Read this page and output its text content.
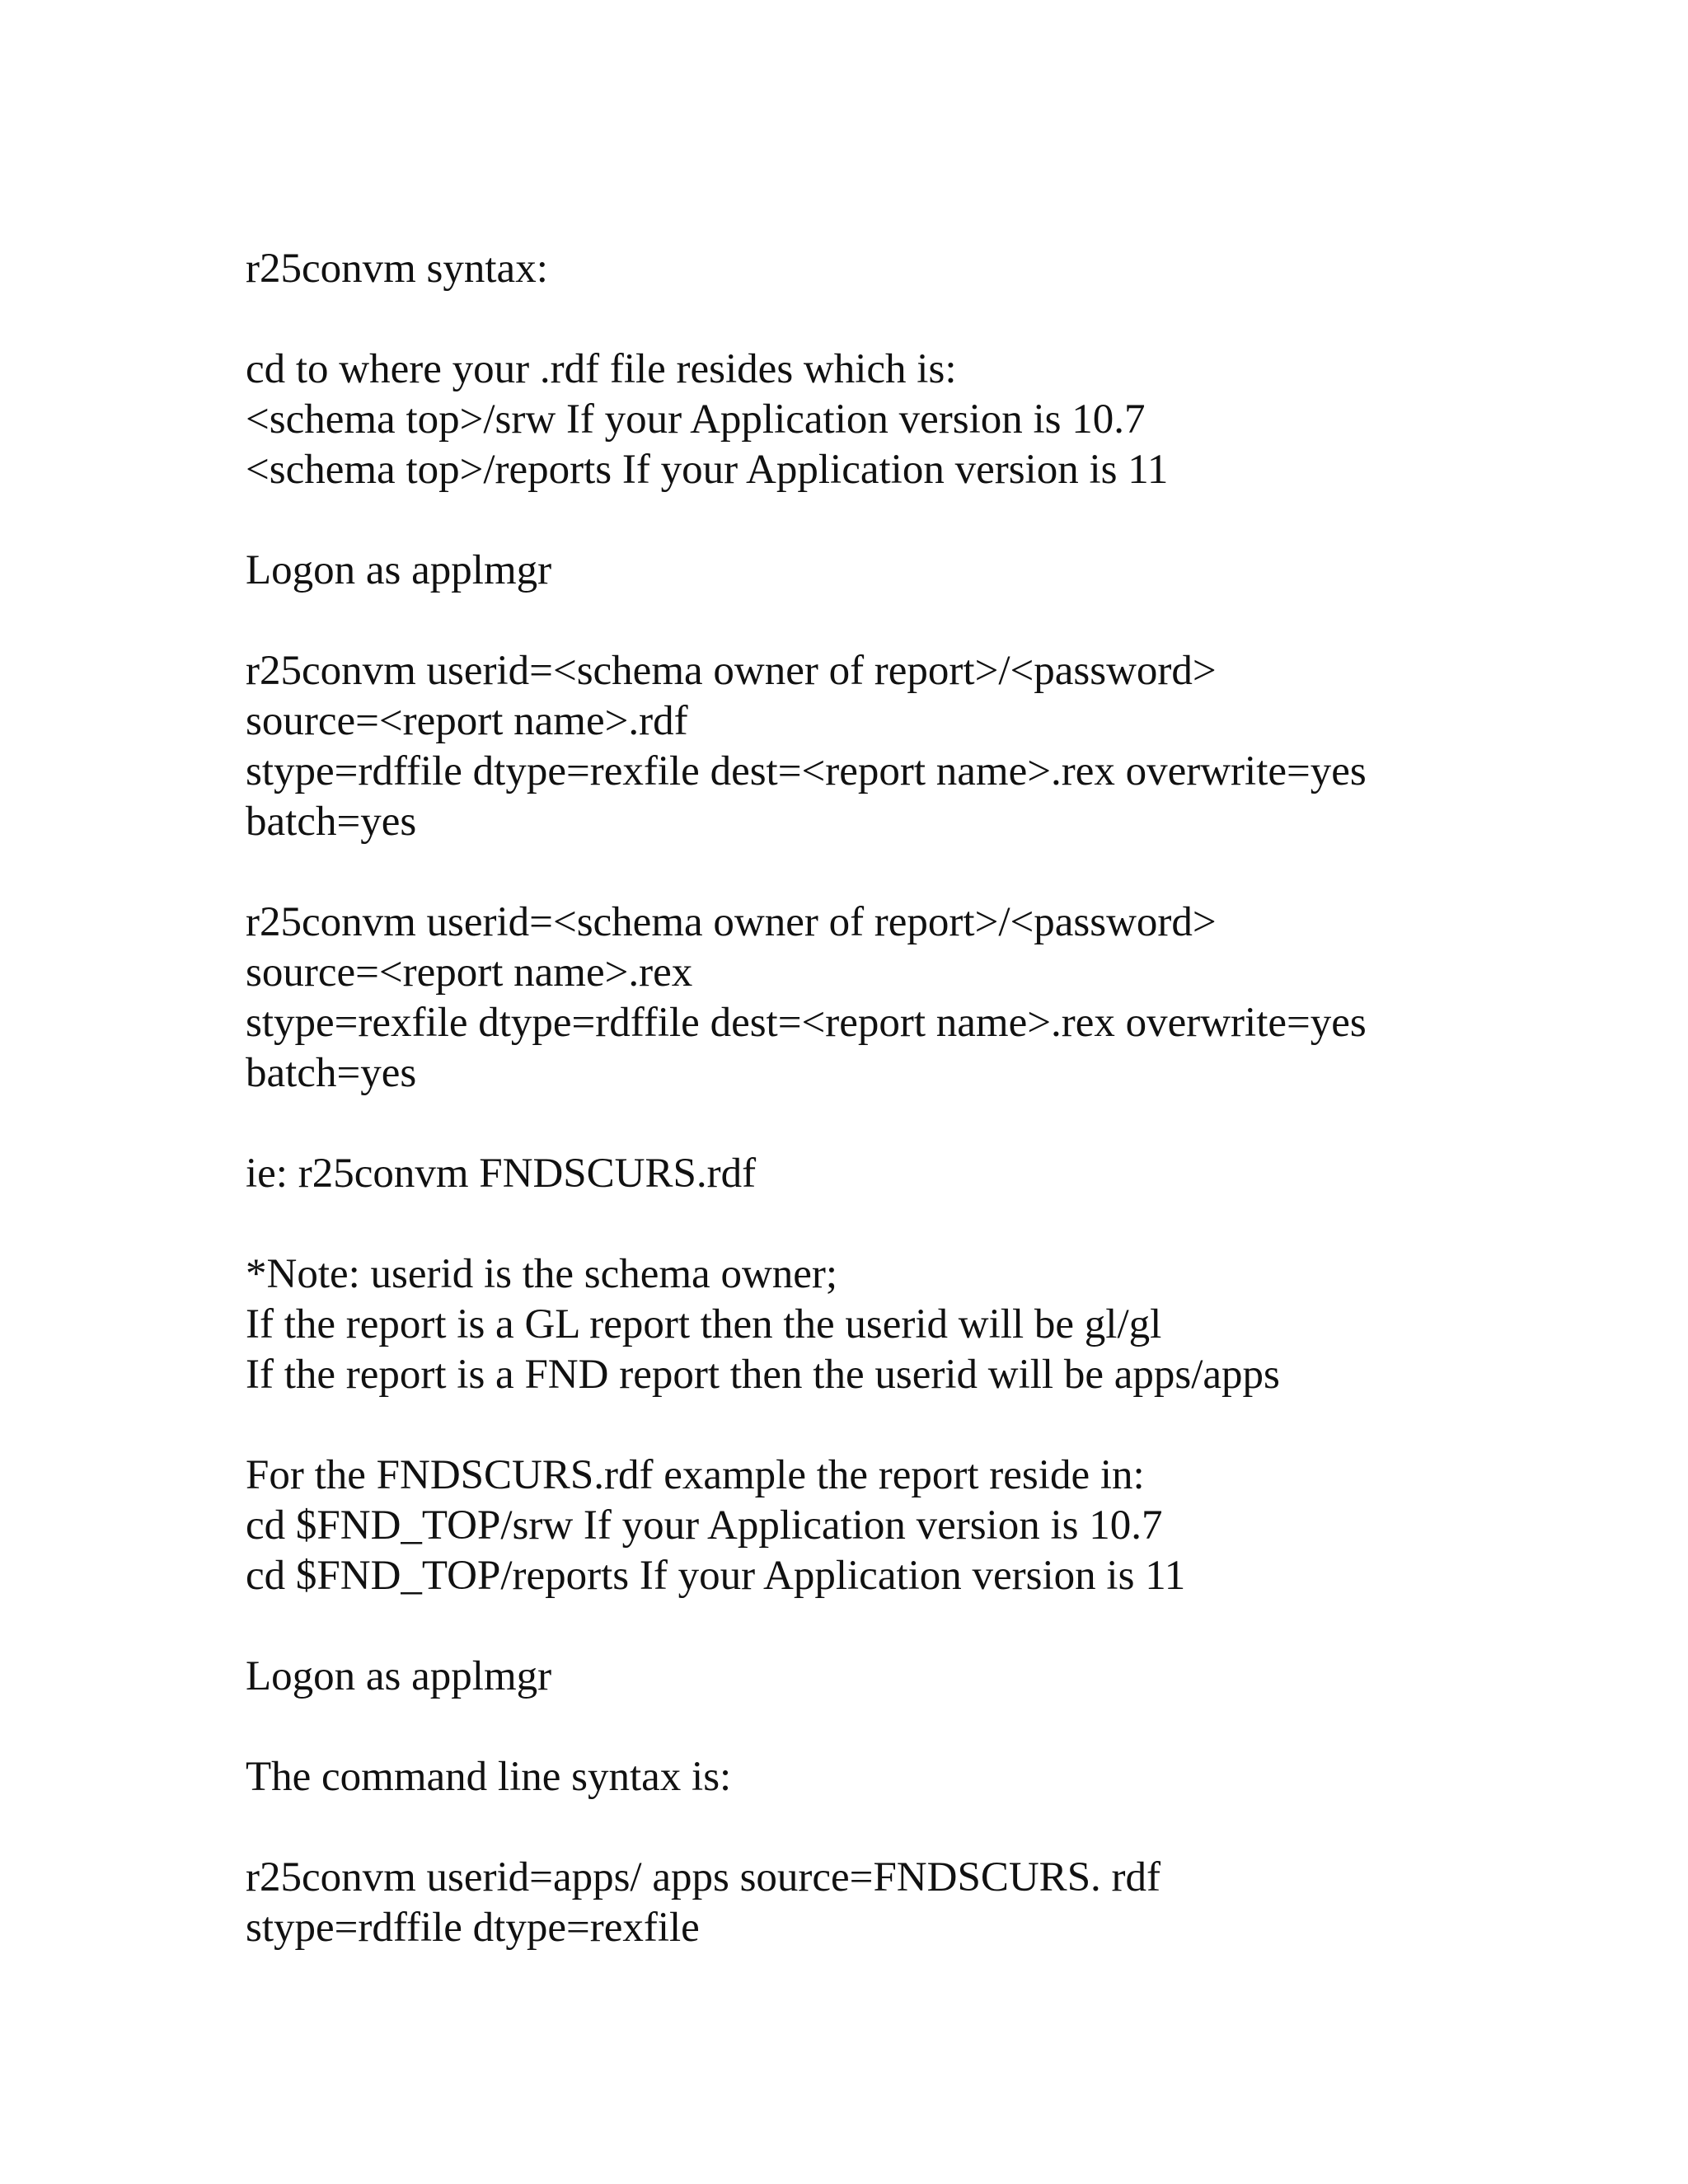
r25convm syntax:
cd to where your .rdf file resides which is:
<schema top>/srw If your Application version is 10.7
<schema top>/reports If your Application version is 11
Logon as applmgr
r25convm userid=<schema owner of report>/<password>
source=<report name>.rdf
stype=rdffile dtype=rexfile dest=<report name>.rex overwrite=yes
batch=yes
r25convm userid=<schema owner of report>/<password>
source=<report name>.rex
stype=rexfile dtype=rdffile dest=<report name>.rex overwrite=yes
batch=yes
ie: r25convm FNDSCURS.rdf
*Note: userid is the schema owner;
If the report is a GL report then the userid will be gl/gl
If the report is a FND report then the userid will be apps/apps
For the FNDSCURS.rdf example the report reside in:
cd $FND_TOP/srw If your Application version is 10.7
cd $FND_TOP/reports If your Application version is 11
Logon as applmgr
The command line syntax is:
r25convm userid=apps/ apps source=FNDSCURS. rdf
stype=rdffile dtype=rexfile
